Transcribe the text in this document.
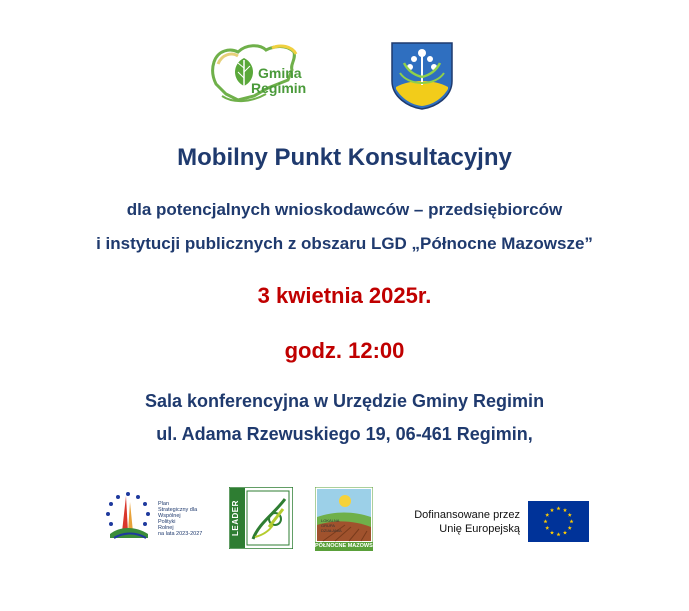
Gmina
Regimin
Mobilny Punkt Konsultacyjny
dla potencjalnych wnioskodawców – przedsiębiorców
i instytucji publicznych z obszaru LGD „Północne Mazowsze”
3 kwietnia 2025r.
godz. 12:00
Sala konferencyjna w Urzędzie Gminy Regimin
ul. Adama Rzewuskiego 19, 06-461 Regimin,
Plan
Strategiczny dla
Wspólnej
Polityki
Rolnej
na lata 2023-2027	LEADER	LOKALNA
GRUPA
DZIAŁANIA
PÓŁNOCNE MAZOWSZE
Dofinansowane przez
Unię Europejską
